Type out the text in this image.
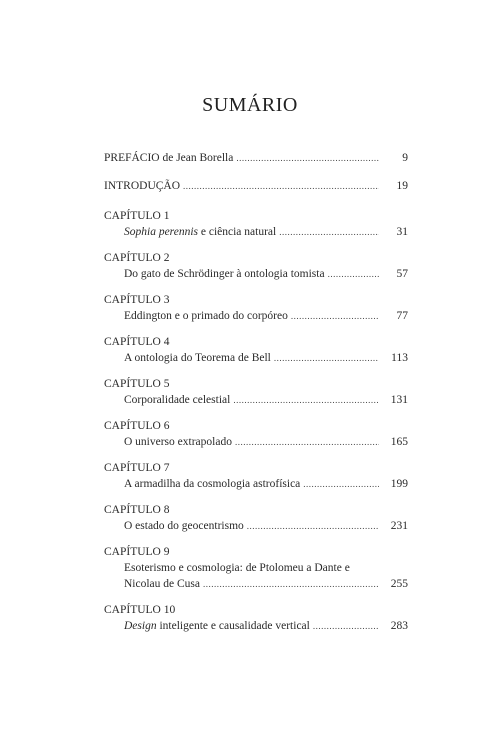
SUMÁRIO
PREFÁCIO de Jean Borella .....	9
INTRODUÇÃO .....	19
CAPÍTULO 1
Sophia perennis e ciência natural .....	31
CAPÍTULO 2
Do gato de Schrödinger à ontologia tomista .....	57
CAPÍTULO 3
Eddington e o primado do corpóreo .....	77
CAPÍTULO 4
A ontologia do Teorema de Bell .....	113
CAPÍTULO 5
Corporalidade celestial .....	131
CAPÍTULO 6
O universo extrapolado .....	165
CAPÍTULO 7
A armadilha da cosmologia astrofísica .....	199
CAPÍTULO 8
O estado do geocentrismo .....	231
CAPÍTULO 9
Esoterismo e cosmologia: de Ptolomeu a Dante e
Nicolau de Cusa .....	255
CAPÍTULO 10
Design inteligente e causalidade vertical .....	283
